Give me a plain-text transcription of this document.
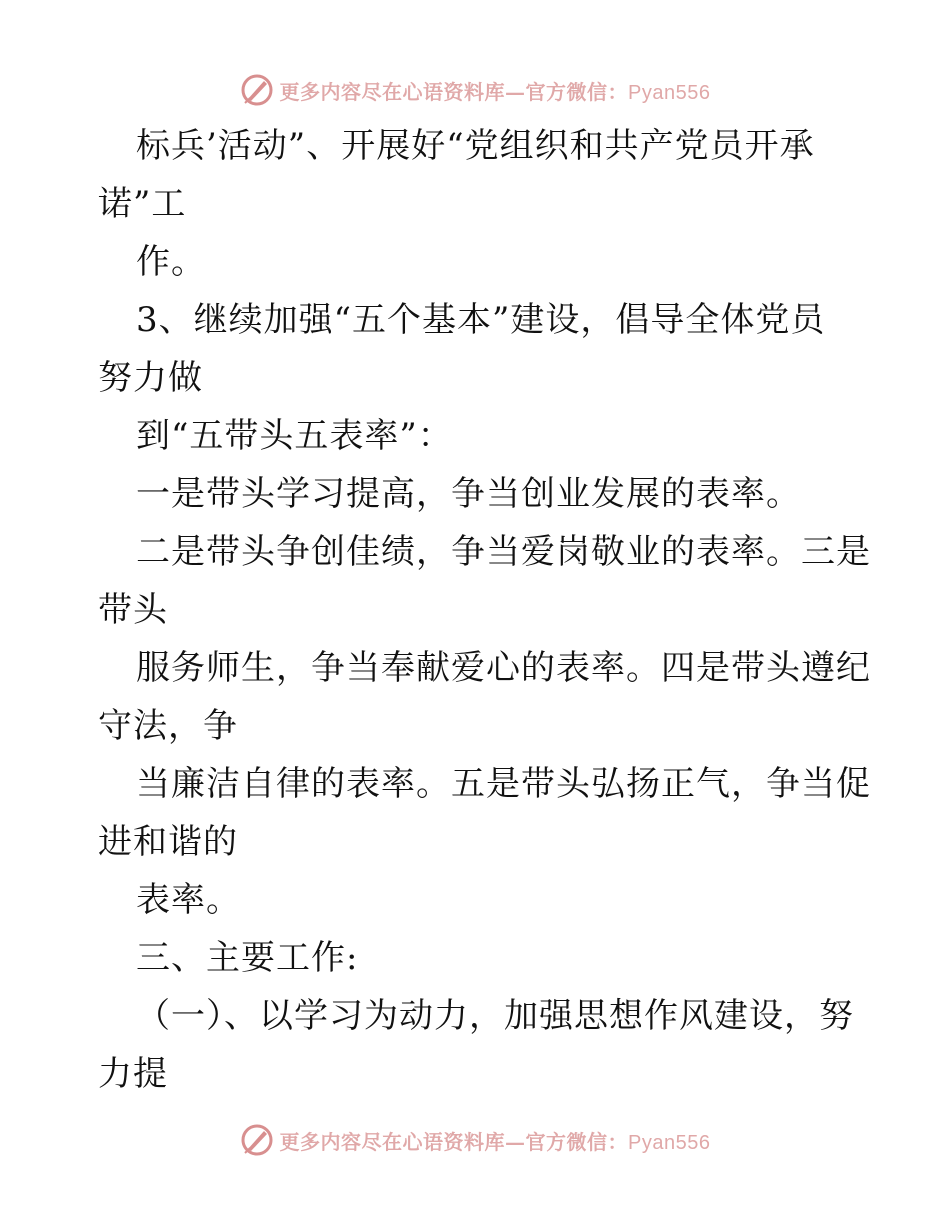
更多内容尽在心语资料库—官方微信：Pyan556
标兵’活动”、开展好“党组织和共产党员开承
诺”工
作。
3、继续加强“五个基本”建设，倡导全体党员
努力做
到“五带头五表率”：
一是带头学习提高，争当创业发展的表率。
二是带头争创佳绩，争当爱岗敬业的表率。三是
带头
服务师生，争当奉献爱心的表率。四是带头遵纪
守法，争
当廉洁自律的表率。五是带头弘扬正气，争当促
进和谐的
表率。
三、主要工作:
（一）、以学习为动力，加强思想作风建设，努
力提
更多内容尽在心语资料库—官方微信：Pyan556
